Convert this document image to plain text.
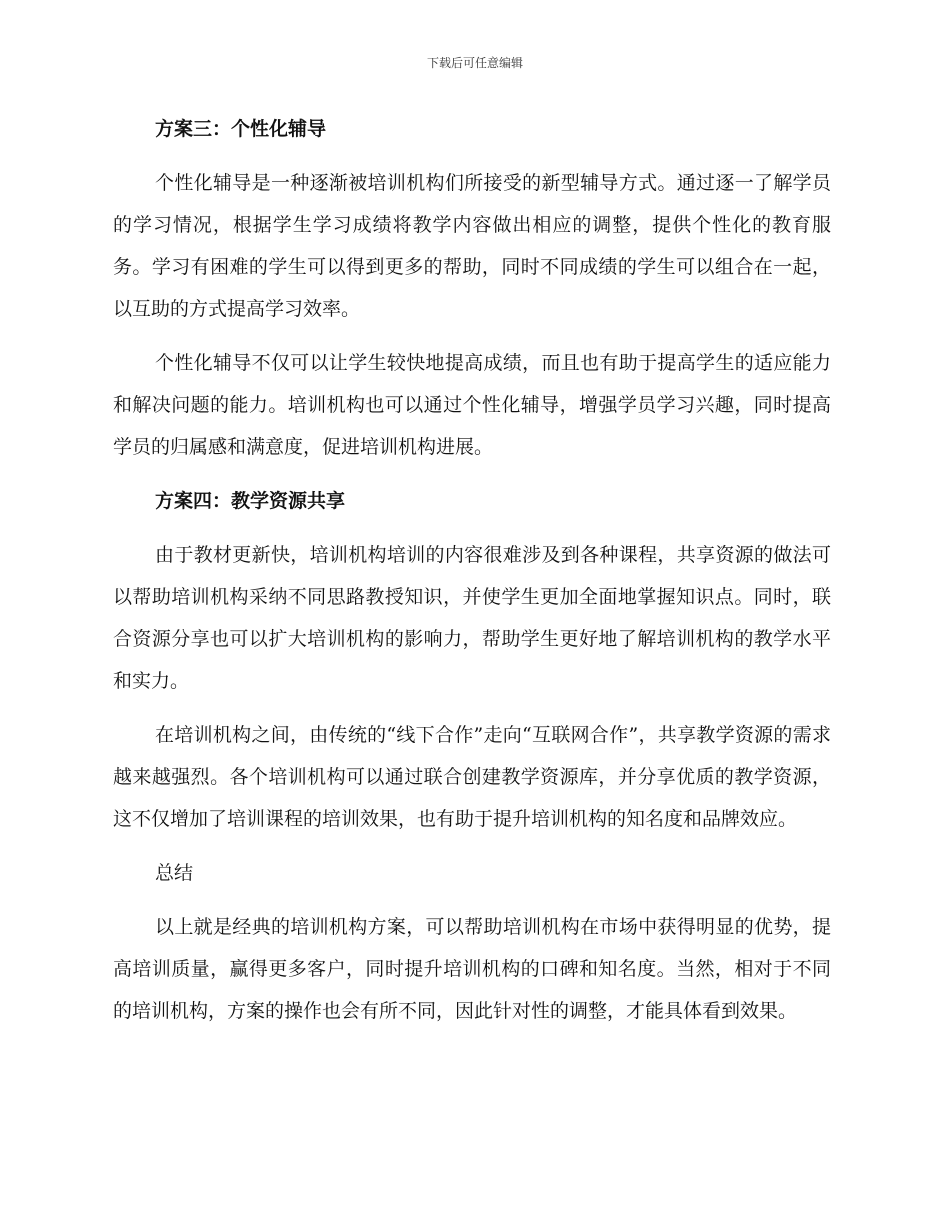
下载后可任意编辑

方案三：个性化辅导

个性化辅导是一种逐渐被培训机构们所接受的新型辅导方式。通过逐一了解学员的学习情况，根据学生学习成绩将教学内容做出相应的调整，提供个性化的教育服务。学习有困难的学生可以得到更多的帮助，同时不同成绩的学生可以组合在一起，以互助的方式提高学习效率。

个性化辅导不仅可以让学生较快地提高成绩，而且也有助于提高学生的适应能力和解决问题的能力。培训机构也可以通过个性化辅导，增强学员学习兴趣，同时提高学员的归属感和满意度，促进培训机构进展。

方案四：教学资源共享

由于教材更新快，培训机构培训的内容很难涉及到各种课程，共享资源的做法可以帮助培训机构采纳不同思路教授知识，并使学生更加全面地掌握知识点。同时，联合资源分享也可以扩大培训机构的影响力，帮助学生更好地了解培训机构的教学水平和实力。

在培训机构之间，由传统的“线下合作”走向“互联网合作”，共享教学资源的需求越来越强烈。各个培训机构可以通过联合创建教学资源库，并分享优质的教学资源，这不仅增加了培训课程的培训效果，也有助于提升培训机构的知名度和品牌效应。

总结

以上就是经典的培训机构方案，可以帮助培训机构在市场中获得明显的优势，提高培训质量，赢得更多客户，同时提升培训机构的口碑和知名度。当然，相对于不同的培训机构，方案的操作也会有所不同，因此针对性的调整，才能具体看到效果。
